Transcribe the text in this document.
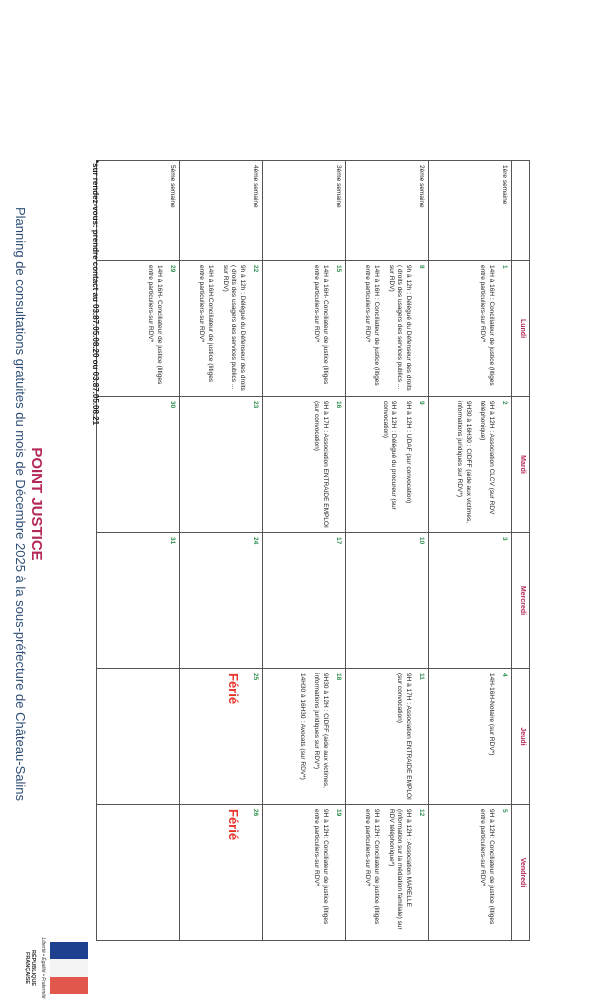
POINT JUSTICE
Planning de consultations gratuites du mois de Décembre 2025 à la sous-préfecture de Château-Salins
Liberté • Égalité • Fraternité
RÉPUBLIQUE FRANÇAISE
	Lundi	Mardi	Mercredi	Jeudi	Vendredi
1ère semaine	1
14H à 16H : Conciliateur de justice (litiges entre particuliers-sur RDV*	2
9H à 12H : Association CLCV (sur RDV téléphonique)
9H30 à 16H30 : CIDFF (aide aux victimes, informations juridiques sur RDV*)	3	4
14H-16H-Notaire (sur RDV*)	5
9H à 12H: Conciliateur de justice (litiges entre particuliers-sur RDV*

2ème semaine	8
9h à 12h : Délégué du Défenseur des droits ( droits des usagers des services publics ... sur RDV)
14H à 16H : Conciliateur de justice (litiges entre particuliers-sur RDV*	9
9H à 12H : UDAF (sur convocation)
9H à 12H : Délégué du procureur (sur convocation)	10	11
9H à 17H : Association ENTRAIDE EMPLOI (sur convocation)	12
9H à 12H : Association MARELLE (information sur la médiation familiale) sur RDV téléphonique*)
9H à 12H: Conciliateur de justice (litiges entre particuliers-sur RDV*

3ème semaine	15
14H à 16H- Conciliateur de justice (litiges entre particuliers-sur RDV*	16
9H à 17H : Association ENTRAIDE EMPLOI (sur convocation)	17	18
9H30 à 12H : CIDFF (aide aux victimes, informations juridiques sur RDV*)
14H30 à 16H30 : Avocats (sur RDV*)	19
9H à 12H: Conciliateur de justice (litiges entre particuliers-sur RDV*

4ème semaine	22
9h à 12h : Délégué du Défenseur des droits ( droits des usagers des services publics ... sur RDV)
14H à 16H:Conciliateur de justice (litiges entre particuliers-sur RDV*	23	24	25
Férié	26
Férié

5ème semaine	29
14H à 16H- Conciliateur de justice (litiges entre particuliers-sur RDV*	30	31		

*sur rendez-vous: prendre contact au 03.87.05.08.20 ou 03.87.05.08.21
